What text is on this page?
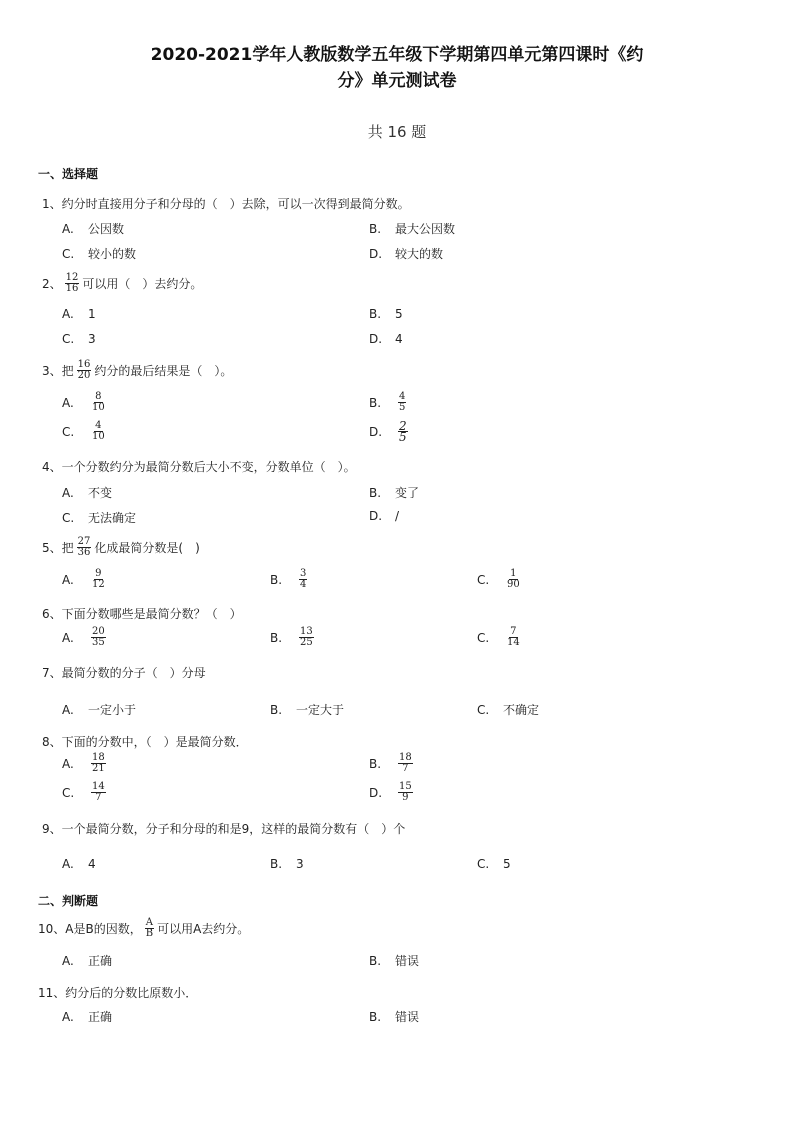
2020-2021学年人教版数学五年级下学期第四单元第四课时《约
分》单元测试卷
共 16 题
一、选择题
1、 约分时直接用分子和分母的（　）去除，可以一次得到最简分数。
A.	公因数	B.	最大公因数
C.	较小的数	D.	较大的数
2、 $\frac{12}{16}$ 可以用（　）去约分。
A.	1	B.	5
C.	3	D.	4
3、 把 $\frac{16}{20}$ 约分的最后结果是（　）。
A.	$\frac{8}{10}$	B.	$\frac{4}{5}$
C.	$\frac{4}{10}$	D.	$\frac{2}{5}$
4、 一个分数约分为最简分数后大小不变，分数单位（　）。
A.	不变	B.	变了
C.	无法确定	D.	/
5、 把 $\frac{27}{36}$ 化成最简分数是(　)
A.	$\frac{9}{12}$	B.	$\frac{3}{4}$	C.	$\frac{1}{90}$
6、 下面分数哪些是最简分数？（　）
A.	$\frac{20}{35}$	B.	$\frac{13}{25}$	C.	$\frac{7}{14}$
7、 最简分数的分子（　）分母
A.	一定小于	B.	一定大于	C.	不确定
8、 下面的分数中，（　）是最简分数．
A.	$\frac{18}{21}$	B.	$\frac{18}{7}$
C.	$\frac{14}{7}$	D.	$\frac{15}{9}$
9、 一个最简分数，分子和分母的和是9，这样的最简分数有（　）个
A.	4	B.	3	C.	5
二、判断题
10、 A是B的因数， $\frac{A}{B}$ 可以用A去约分。
A.	正确	B.	错误
11、 约分后的分数比原数小．
A.	正确	B.	错误
